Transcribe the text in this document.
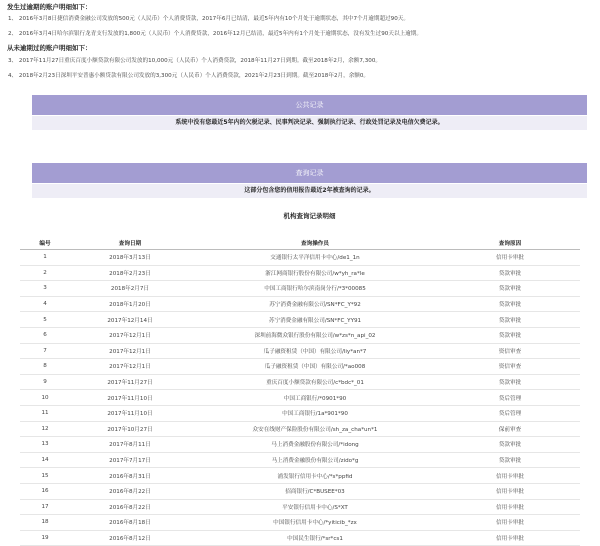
发生过逾期的账户明细如下：
1、 2016年3月8日捷信消费金融公司发放的500元（人民币）个人消费贷款，2017年6月已结清，最近5年内有10个月处于逾期状态，其中7个月逾期超过90天。
2、 2016年3月4日哈尔滨银行龙青支行发放的1,800元（人民币）个人消费贷款，2016年12月已结清，最近5年内有1个月处于逾期状态，没有发生过90天以上逾期。
从未逾期过的账户明细如下：
3、 2017年11月27日重庆百度小额贷款有限公司发放的10,000元（人民币）个人消费贷款，2018年11月27日到期。截至2018年2月，余额7,300。
4、 2018年2月23日深圳平安普惠小额贷款有限公司发放的3,300元（人民币）个人消费贷款，2021年2月23日到期。截至2018年2月，余额0。
公共记录
系统中没有您最近5年内的欠税记录、民事判决记录、强制执行记录、行政处罚记录及电信欠费记录。
查询记录
这部分包含您的信用报告最近2年被查询的记录。
机构查询记录明细
编号	查询日期	查询操作员	查询原因
1	2018年3月13日	交通银行太平洋信用卡中心/de1_1n	信用卡审批
2	2018年2月23日	浙江网商银行股份有限公司/w*yh_ra*le	贷款审批
3	2018年2月7日	中国工商银行哈尔滨南岗分行/*3*00085	贷款审批
4	2018年1月20日	苏宁消费金融有限公司/SN*FC_Y*92	贷款审批
5	2017年12月14日	苏宁消费金融有限公司/SN*FC_YY91	贷款审批
6	2017年12月1日	深圳前海微众银行股份有限公司/w*zs*n_api_02	贷款审批
7	2017年12月1日	瓜子融资租赁（中国）有限公司/liy*an*7	资信审查
8	2017年12月1日	瓜子融资租赁（中国）有限公司/*ao008	资信审查
9	2017年11月27日	重庆百度小额贷款有限公司/c*bdc*_01	贷款审批
10	2017年11月10日	中国工商银行/*0901*90	贷后管理
11	2017年11月10日	中国工商银行/1a*901*90	贷后管理
12	2017年10月27日	众安在线财产保险股份有限公司/sh_za_cha*un*1	保前审查
13	2017年8月11日	马上消费金融股份有限公司/*idong	贷款审批
14	2017年7月17日	马上消费金融股份有限公司/zido*g	贷款审批
15	2016年8月31日	浦发银行信用卡中心/*s*ppfid	信用卡审批
16	2016年8月22日	招商银行/C*BUSEE*03	信用卡审批
17	2016年8月22日	平安银行信用卡中心/S*XT	信用卡审批
18	2016年8月18日	中国银行信用卡中心/*yiticib_*zx	信用卡审批
19	2016年8月12日	中国民生银行/*sr*cs1	信用卡审批
